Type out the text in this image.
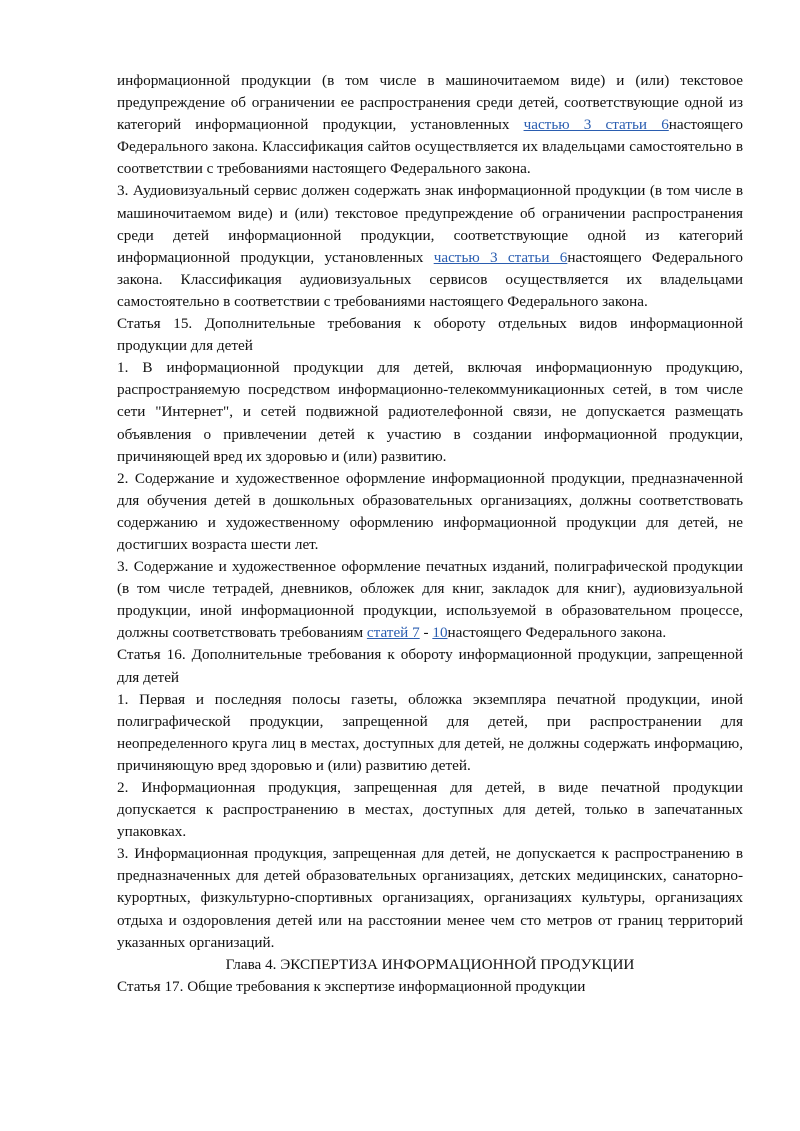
информационной продукции (в том числе в машиночитаемом виде) и (или) текстовое предупреждение об ограничении ее распространения среди детей, соответствующие одной из категорий информационной продукции, установленных частью 3 статьи 6настоящего Федерального закона. Классификация сайтов осуществляется их владельцами самостоятельно в соответствии с требованиями настоящего Федерального закона.

3. Аудиовизуальный сервис должен содержать знак информационной продукции (в том числе в машиночитаемом виде) и (или) текстовое предупреждение об ограничении распространения среди детей информационной продукции, соответствующие одной из категорий информационной продукции, установленных частью 3 статьи 6настоящего Федерального закона. Классификация аудиовизуальных сервисов осуществляется их владельцами самостоятельно в соответствии с требованиями настоящего Федерального закона.

Статья 15. Дополнительные требования к обороту отдельных видов информационной продукции для детей

1. В информационной продукции для детей, включая информационную продукцию, распространяемую посредством информационно-телекоммуникационных сетей, в том числе сети "Интернет", и сетей подвижной радиотелефонной связи, не допускается размещать объявления о привлечении детей к участию в создании информационной продукции, причиняющей вред их здоровью и (или) развитию.

2. Содержание и художественное оформление информационной продукции, предназначенной для обучения детей в дошкольных образовательных организациях, должны соответствовать содержанию и художественному оформлению информационной продукции для детей, не достигших возраста шести лет.

3. Содержание и художественное оформление печатных изданий, полиграфической продукции (в том числе тетрадей, дневников, обложек для книг, закладок для книг), аудиовизуальной продукции, иной информационной продукции, используемой в образовательном процессе, должны соответствовать требованиям статей 7 - 10настоящего Федерального закона.

Статья 16. Дополнительные требования к обороту информационной продукции, запрещенной для детей

1. Первая и последняя полосы газеты, обложка экземпляра печатной продукции, иной полиграфической продукции, запрещенной для детей, при распространении для неопределенного круга лиц в местах, доступных для детей, не должны содержать информацию, причиняющую вред здоровью и (или) развитию детей.

2. Информационная продукция, запрещенная для детей, в виде печатной продукции допускается к распространению в местах, доступных для детей, только в запечатанных упаковках.

3. Информационная продукция, запрещенная для детей, не допускается к распространению в предназначенных для детей образовательных организациях, детских медицинских, санаторно-курортных, физкультурно-спортивных организациях, организациях культуры, организациях отдыха и оздоровления детей или на расстоянии менее чем сто метров от границ территорий указанных организаций.

Глава 4. ЭКСПЕРТИЗА ИНФОРМАЦИОННОЙ ПРОДУКЦИИ

Статья 17. Общие требования к экспертизе информационной продукции
